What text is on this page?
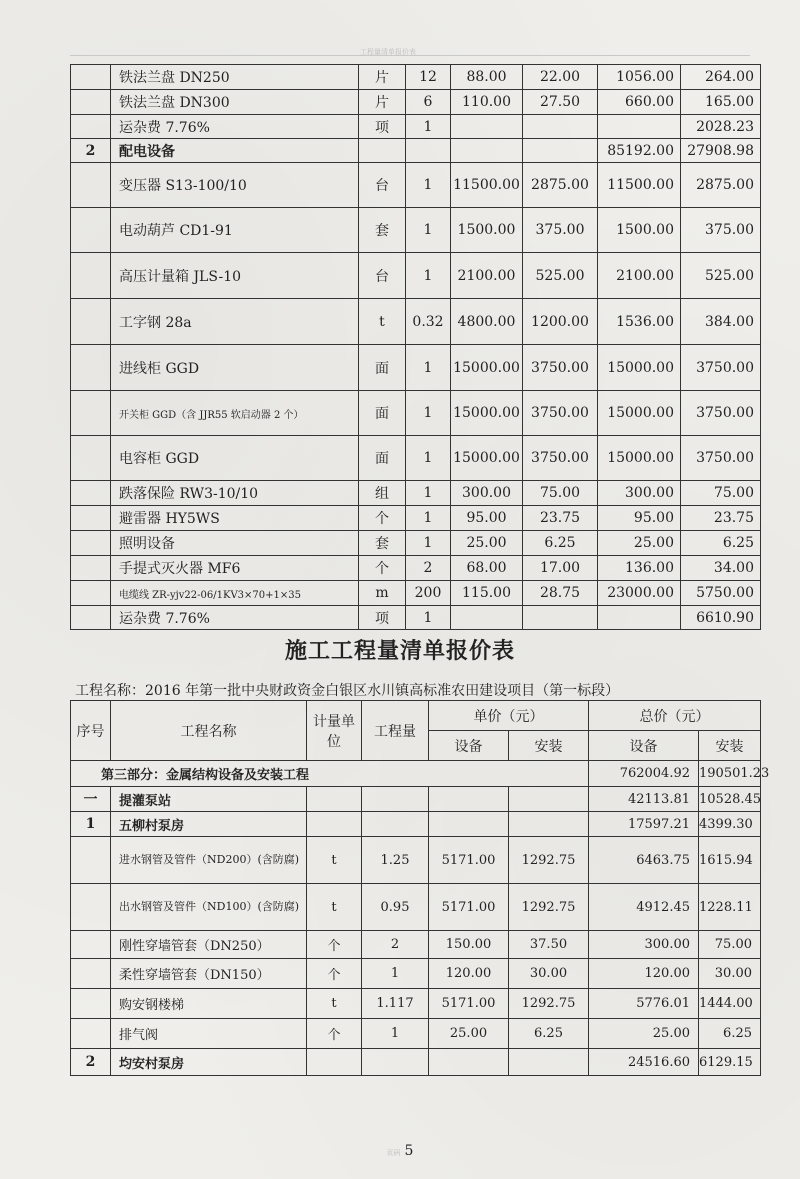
工程量清单报价表
	铁法兰盘 DN250	片	12	88.00	22.00	1056.00	264.00
	铁法兰盘 DN300	片	6	110.00	27.50	660.00	165.00
	运杂费 7.76%	项	1				2028.23
2	配电设备					85192.00	27908.98
	变压器 S13-100/10	台	1	11500.00	2875.00	11500.00	2875.00
	电动葫芦 CD1-91	套	1	1500.00	375.00	1500.00	375.00
	高压计量箱 JLS-10	台	1	2100.00	525.00	2100.00	525.00
	工字钢 28a	t	0.32	4800.00	1200.00	1536.00	384.00
	进线柜 GGD	面	1	15000.00	3750.00	15000.00	3750.00
	开关柜 GGD（含 JJR55 软启动器 2 个）	面	1	15000.00	3750.00	15000.00	3750.00
	电容柜 GGD	面	1	15000.00	3750.00	15000.00	3750.00
	跌落保险 RW3-10/10	组	1	300.00	75.00	300.00	75.00
	避雷器 HY5WS	个	1	95.00	23.75	95.00	23.75
	照明设备	套	1	25.00	6.25	25.00	6.25
	手提式灭火器 MF6	个	2	68.00	17.00	136.00	34.00
	电缆线 ZR-yjv22-06/1KV3×70+1×35	m	200	115.00	28.75	23000.00	5750.00
	运杂费 7.76%	项	1				6610.90
施工工程量清单报价表
工程名称：2016 年第一批中央财政资金白银区水川镇高标准农田建设项目（第一标段）
序号	工程名称	计量单位	工程量	单价（元）		总价（元）	
				设备	安装	设备	安装
第三部分：金属结构设备及安装工程						762004.92	190501.23
一	提灌泵站					42113.81	10528.45
1	五柳村泵房					17597.21	4399.30
	进水钢管及管件（ND200）(含防腐)	t	1.25	5171.00	1292.75	6463.75	1615.94
	出水钢管及管件（ND100）(含防腐)	t	0.95	5171.00	1292.75	4912.45	1228.11
	刚性穿墙管套（DN250）	个	2	150.00	37.50	300.00	75.00
	柔性穿墙管套（DN150）	个	1	120.00	30.00	120.00	30.00
	购安钢楼梯	t	1.117	5171.00	1292.75	5776.01	1444.00
	排气阀	个	1	25.00	6.25	25.00	6.25
2	均安村泵房					24516.60	6129.15
页码 5
